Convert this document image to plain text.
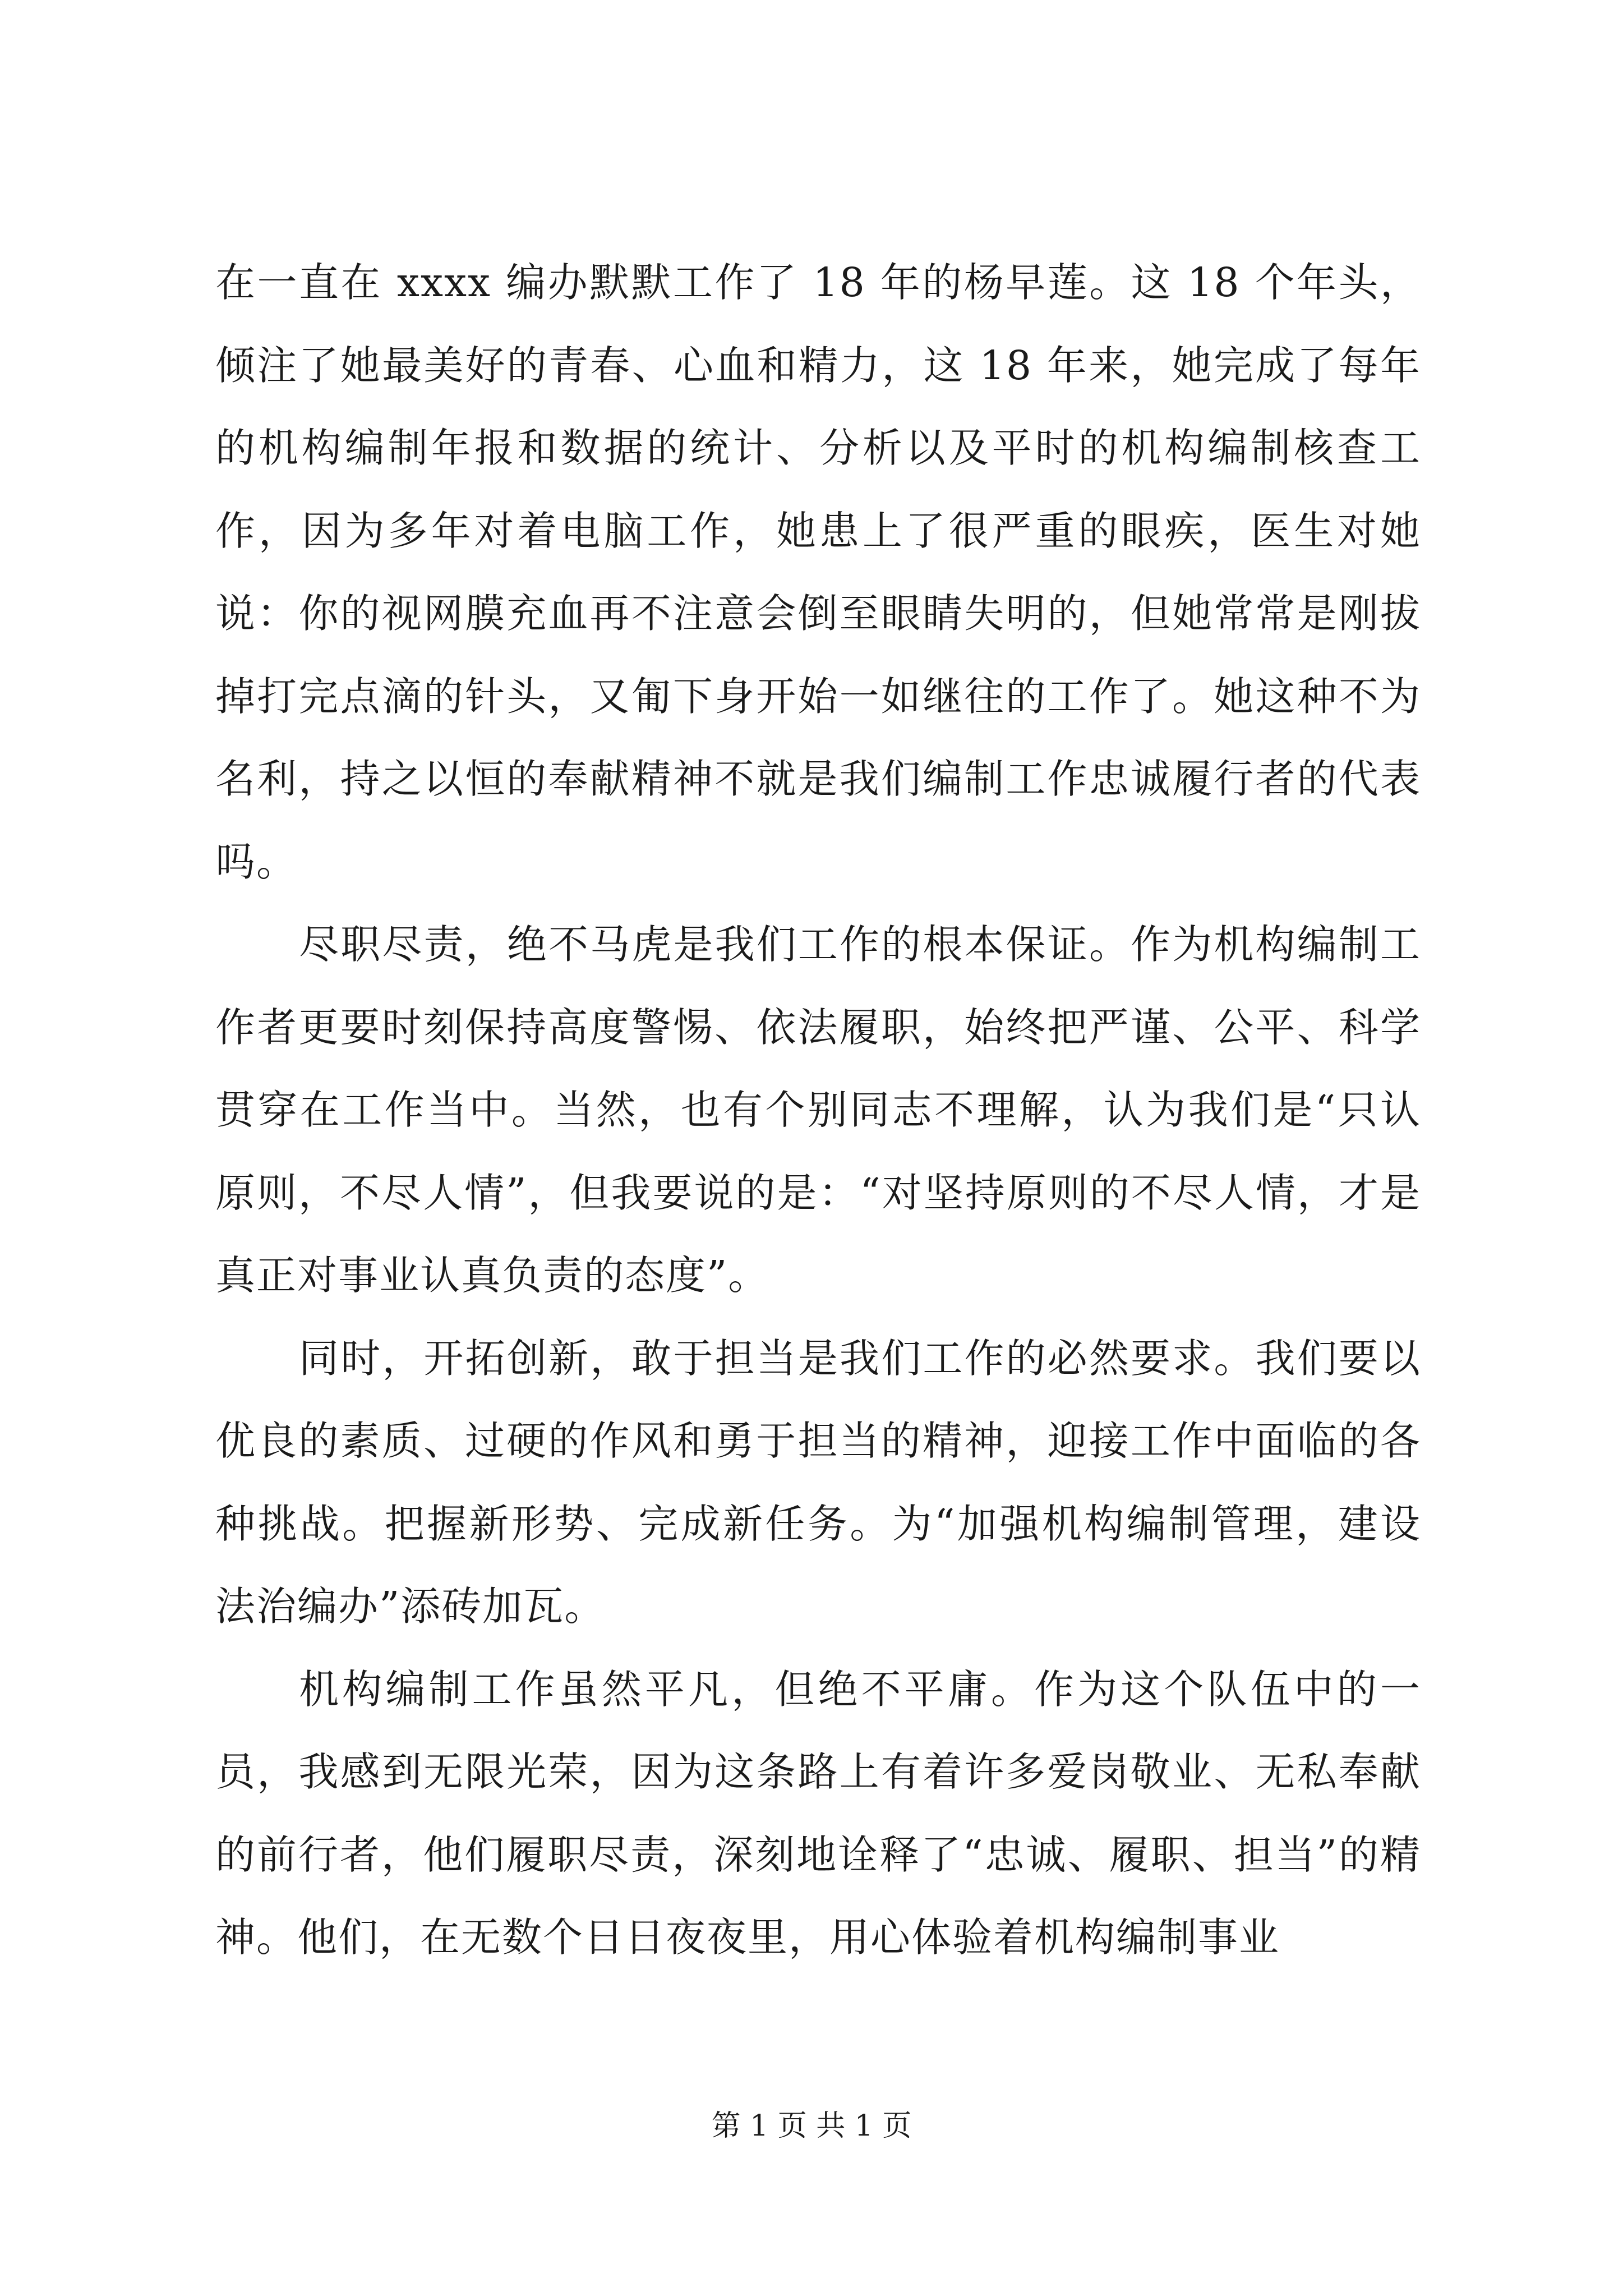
在一直在 xxxx 编办默默工作了 18 年的杨早莲。这 18 个年头，倾注了她最美好的青春、心血和精力，这 18 年来，她完成了每年的机构编制年报和数据的统计、分析以及平时的机构编制核查工作，因为多年对着电脑工作，她患上了很严重的眼疾，医生对她说：你的视网膜充血再不注意会倒至眼睛失明的，但她常常是刚拔掉打完点滴的针头，又匍下身开始一如继往的工作了。她这种不为名利，持之以恒的奉献精神不就是我们编制工作忠诚履行者的代表吗。

尽职尽责，绝不马虎是我们工作的根本保证。作为机构编制工作者更要时刻保持高度警惕、依法履职，始终把严谨、公平、科学贯穿在工作当中。当然，也有个别同志不理解，认为我们是“只认原则，不尽人情”，但我要说的是：“对坚持原则的不尽人情，才是真正对事业认真负责的态度”。

同时，开拓创新，敢于担当是我们工作的必然要求。我们要以优良的素质、过硬的作风和勇于担当的精神，迎接工作中面临的各种挑战。把握新形势、完成新任务。为“加强机构编制管理，建设法治编办”添砖加瓦。

机构编制工作虽然平凡，但绝不平庸。作为这个队伍中的一员，我感到无限光荣，因为这条路上有着许多爱岗敬业、无私奉献的前行者，他们履职尽责，深刻地诠释了“忠诚、履职、担当”的精神。他们，在无数个日日夜夜里，用心体验着机构编制事业

第 1 页 共 1 页
